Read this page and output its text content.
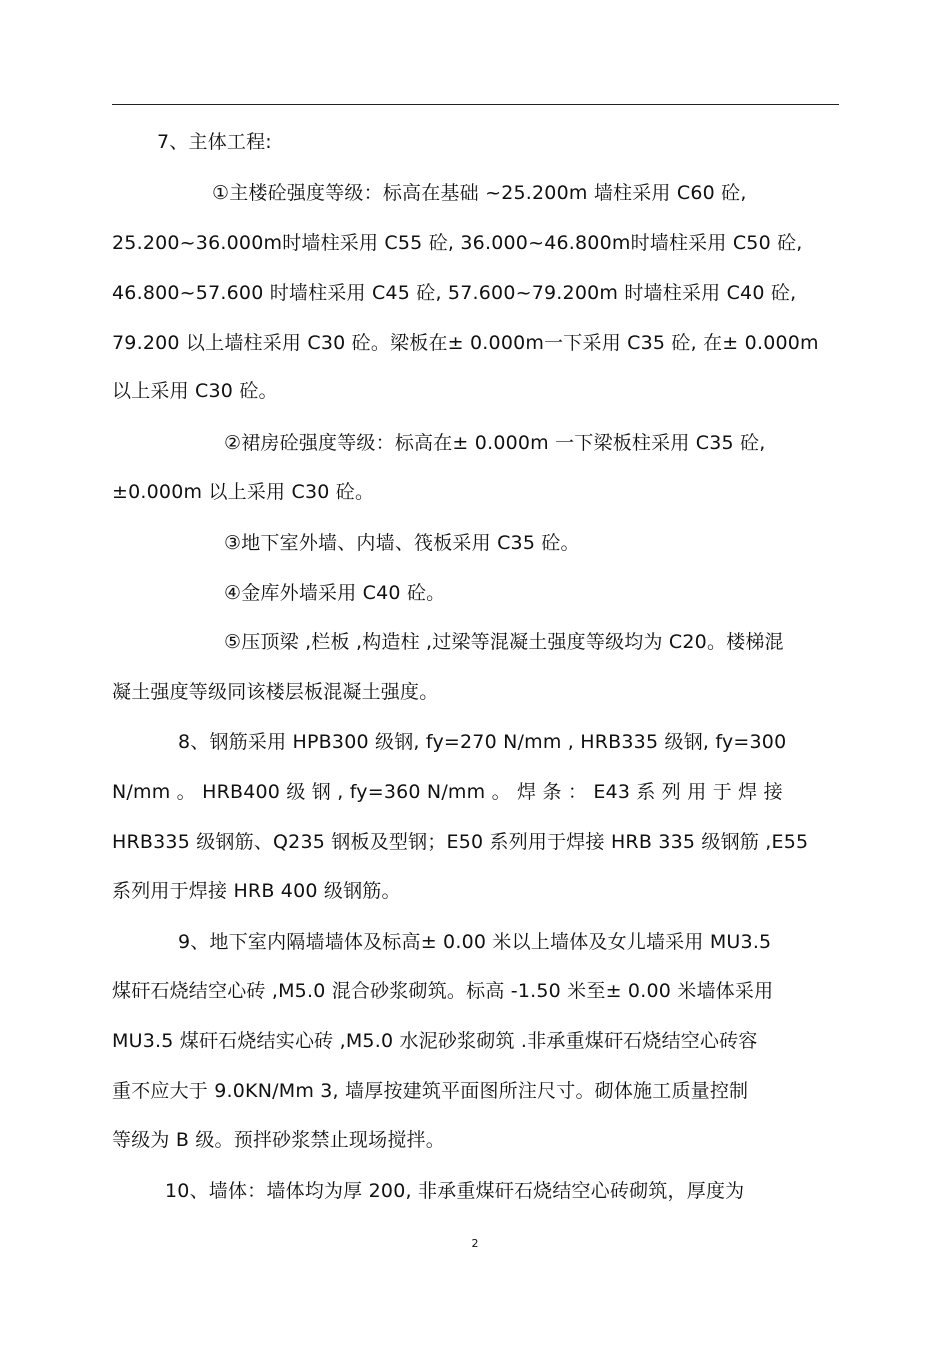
7、主体工程:
①主楼砼强度等级：标高在基础 ~25.200m 墙柱采用 C60 砼,
25.200~36.000m时墙柱采用 C55 砼, 36.000~46.800m时墙柱采用 C50 砼,
46.800~57.600 时墙柱采用 C45 砼, 57.600~79.200m 时墙柱采用 C40 砼,
79.200 以上墙柱采用 C30 砼。梁板在± 0.000m一下采用 C35 砼, 在± 0.000m
以上采用 C30 砼。
②裙房砼强度等级：标高在± 0.000m 一下梁板柱采用 C35 砼,
±0.000m 以上采用 C30 砼。
③地下室外墙、内墙、筏板采用 C35 砼。
④金库外墙采用 C40 砼。
⑤压顶梁 ,栏板 ,构造柱 ,过梁等混凝土强度等级均为 C20。楼梯混
凝土强度等级同该楼层板混凝土强度。
8、钢筋采用 HPB300 级钢, fy=270 N/mm , HRB335 级钢, fy=300
N/mm 。 HRB400 级 钢 , fy=360 N/mm 。 焊 条 ： E43 系 列 用 于 焊 接
HRB335 级钢筋、Q235 钢板及型钢；E50 系列用于焊接 HRB 335 级钢筋 ,E55
系列用于焊接 HRB 400 级钢筋。
9、地下室内隔墙墙体及标高± 0.00 米以上墙体及女儿墙采用 MU3.5
煤矸石烧结空心砖 ,M5.0 混合砂浆砌筑。标高 -1.50 米至± 0.00 米墙体采用
MU3.5 煤矸石烧结实心砖 ,M5.0 水泥砂浆砌筑 .非承重煤矸石烧结空心砖容
重不应大于 9.0KN/Mm 3, 墙厚按建筑平面图所注尺寸。砌体施工质量控制
等级为 B 级。预拌砂浆禁止现场搅拌。
10、墙体：墙体均为厚 200, 非承重煤矸石烧结空心砖砌筑，厚度为
2
